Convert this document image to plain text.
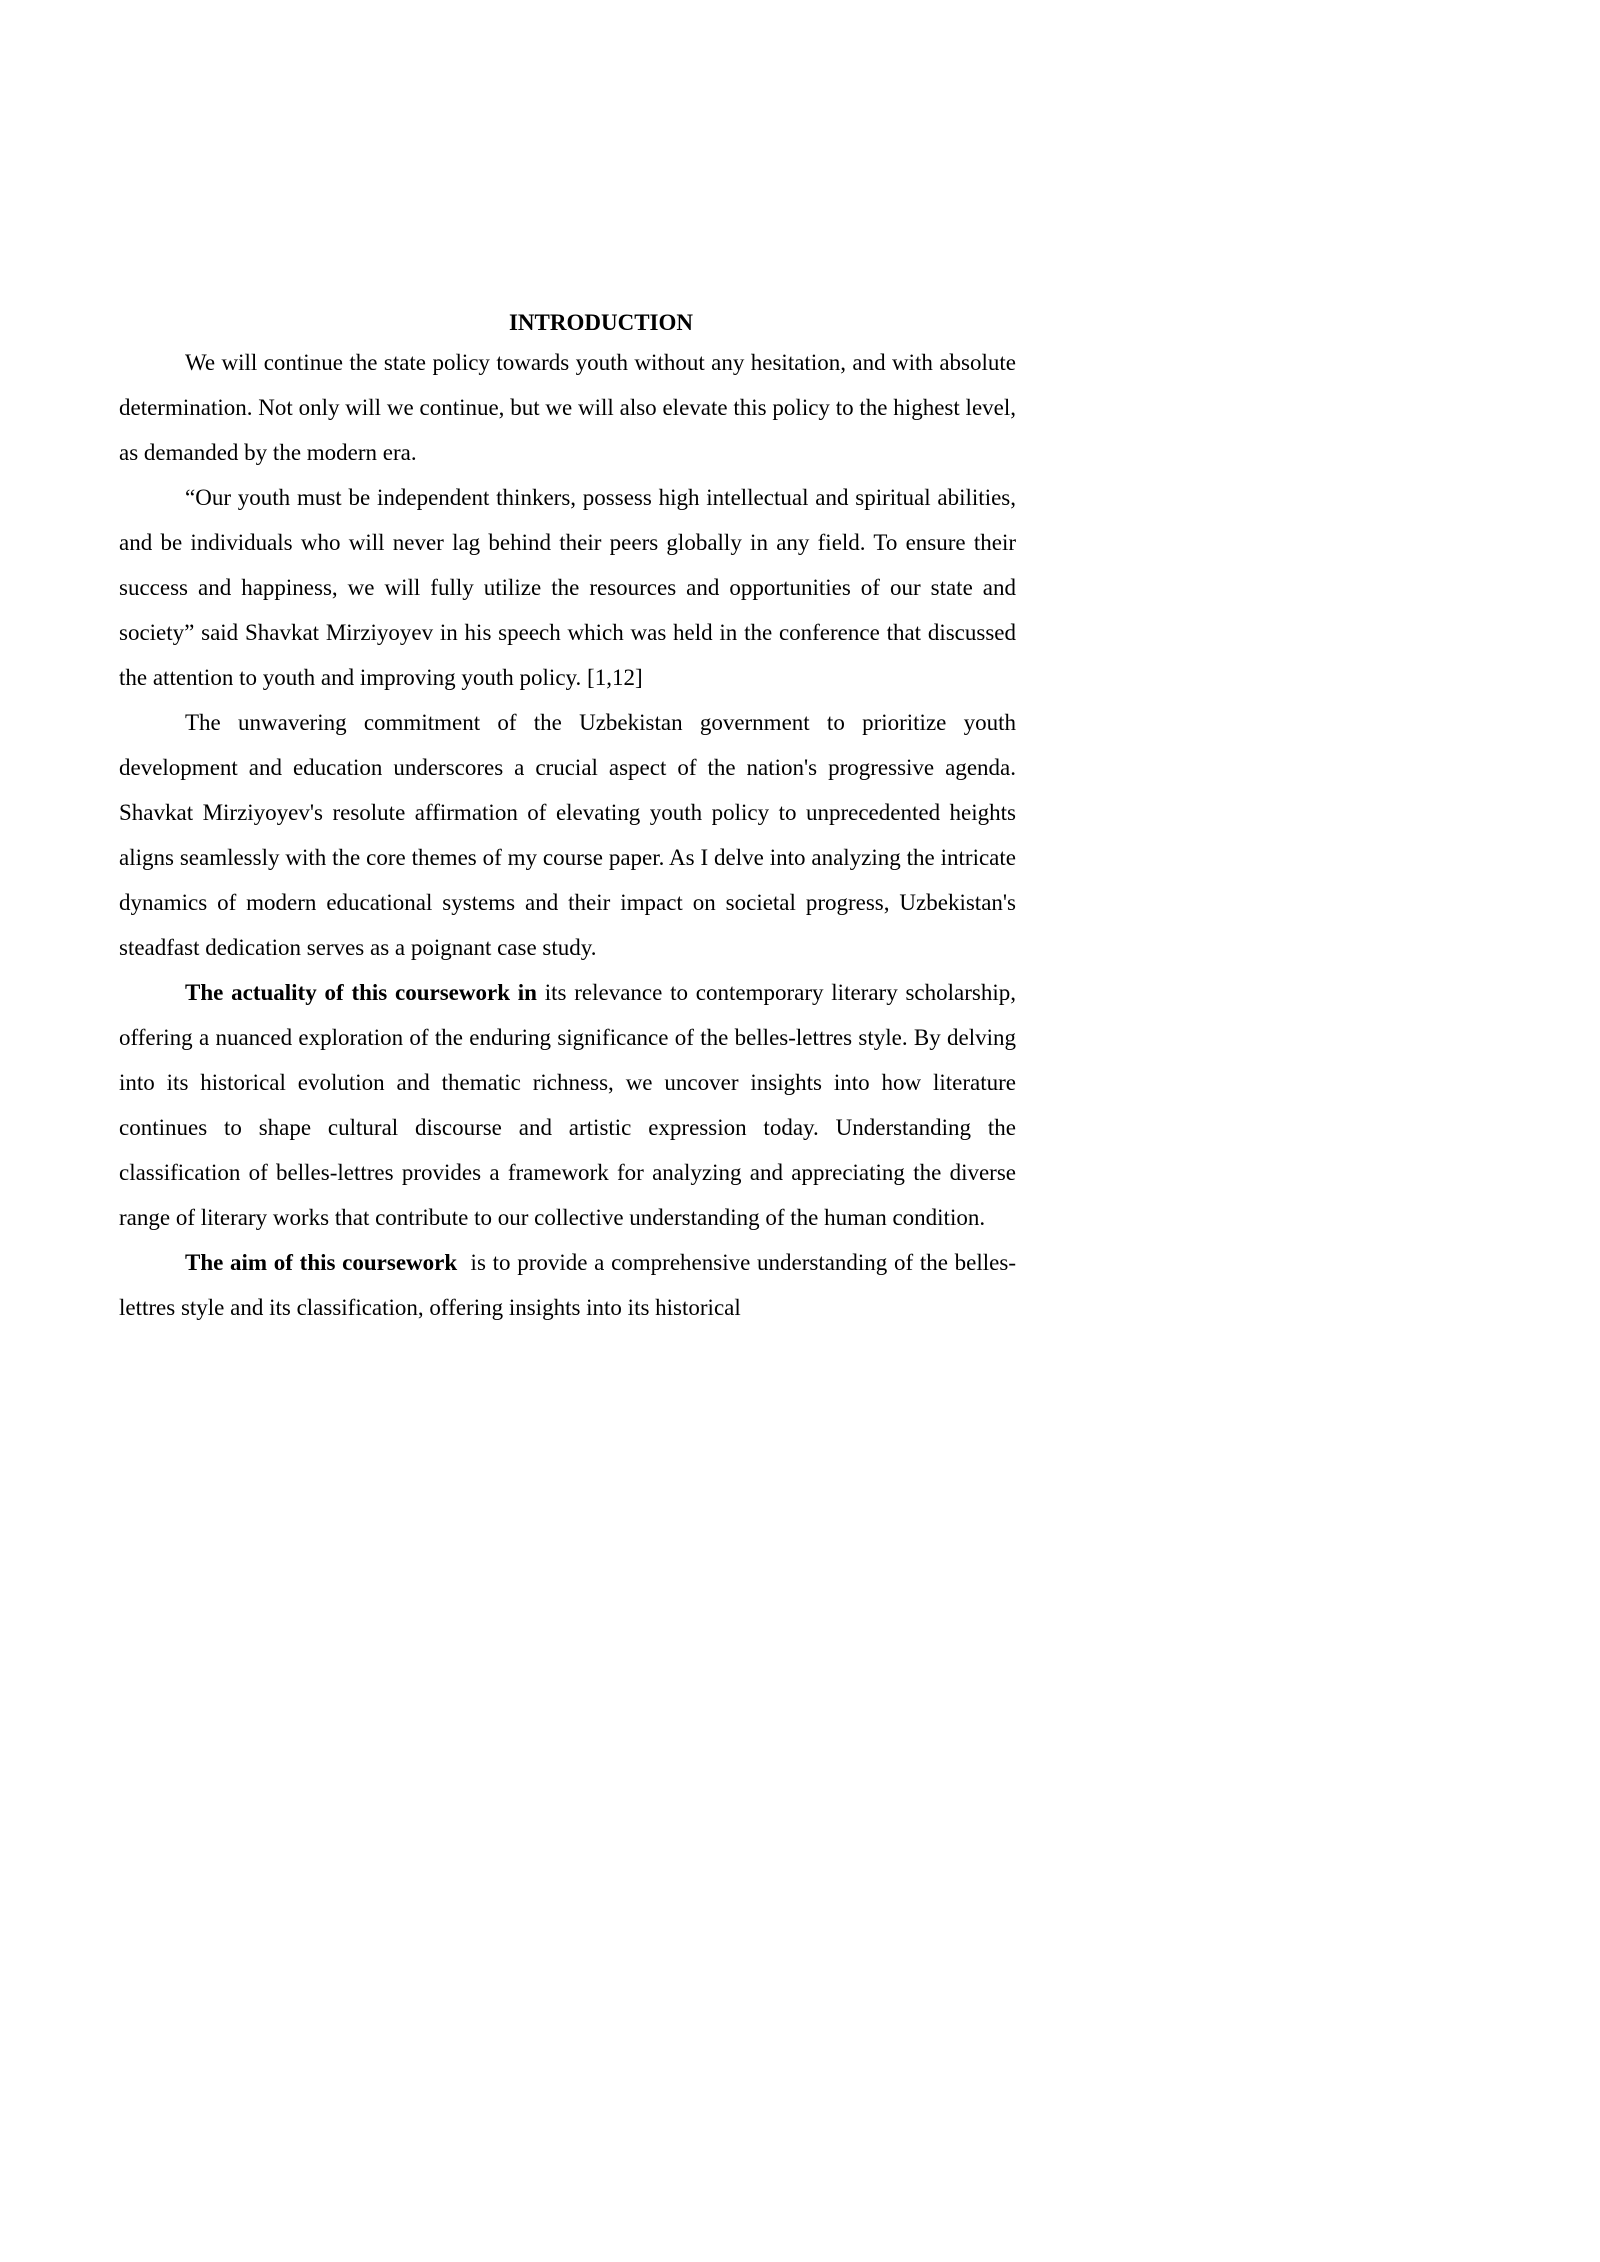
INTRODUCTION

We will continue the state policy towards youth without any hesitation, and with absolute determination. Not only will we continue, but we will also elevate this policy to the highest level, as demanded by the modern era.

“Our youth must be independent thinkers, possess high intellectual and spiritual abilities, and be individuals who will never lag behind their peers globally in any field. To ensure their success and happiness, we will fully utilize the resources and opportunities of our state and society” said Shavkat Mirziyoyev in his speech which was held in the conference that discussed the attention to youth and improving youth policy. [1,12]

The unwavering commitment of the Uzbekistan government to prioritize youth development and education underscores a crucial aspect of the nation's progressive agenda. Shavkat Mirziyoyev's resolute affirmation of elevating youth policy to unprecedented heights aligns seamlessly with the core themes of my course paper. As I delve into analyzing the intricate dynamics of modern educational systems and their impact on societal progress, Uzbekistan's steadfast dedication serves as a poignant case study.

The actuality of this coursework in its relevance to contemporary literary scholarship, offering a nuanced exploration of the enduring significance of the belles-lettres style. By delving into its historical evolution and thematic richness, we uncover insights into how literature continues to shape cultural discourse and artistic expression today. Understanding the classification of belles-lettres provides a framework for analyzing and appreciating the diverse range of literary works that contribute to our collective understanding of the human condition.

The aim of this coursework  is to provide a comprehensive understanding of the belles-lettres style and its classification, offering insights into its historical
